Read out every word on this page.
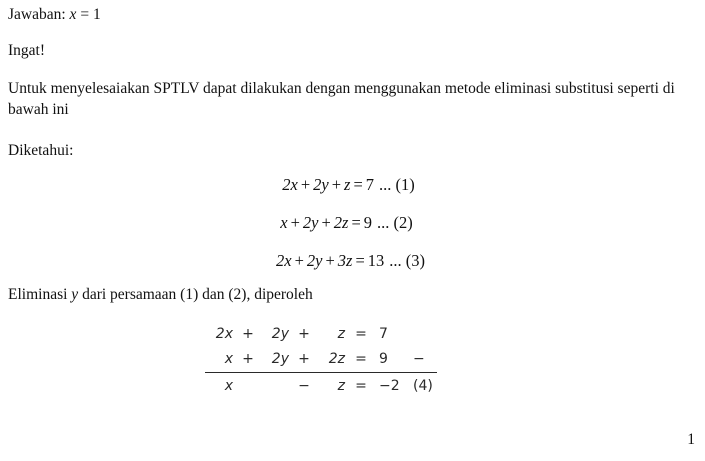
Jawaban: x = 1
Ingat!
Untuk menyelesaiakan SPTLV dapat dilakukan dengan menggunakan metode eliminasi substitusi seperti di bawah ini
Diketahui:
2x + 2y + z = 7 ... (1)
x + 2y + 2z = 9 ... (2)
2x + 2y + 3z = 13 ... (3)
Eliminasi y dari persamaan (1) dan (2), diperoleh
2x	+	2y	+	z	=	7	
x	+	2y	+	2z	=	9	−
x			−	z	=	−2	(4)
1
